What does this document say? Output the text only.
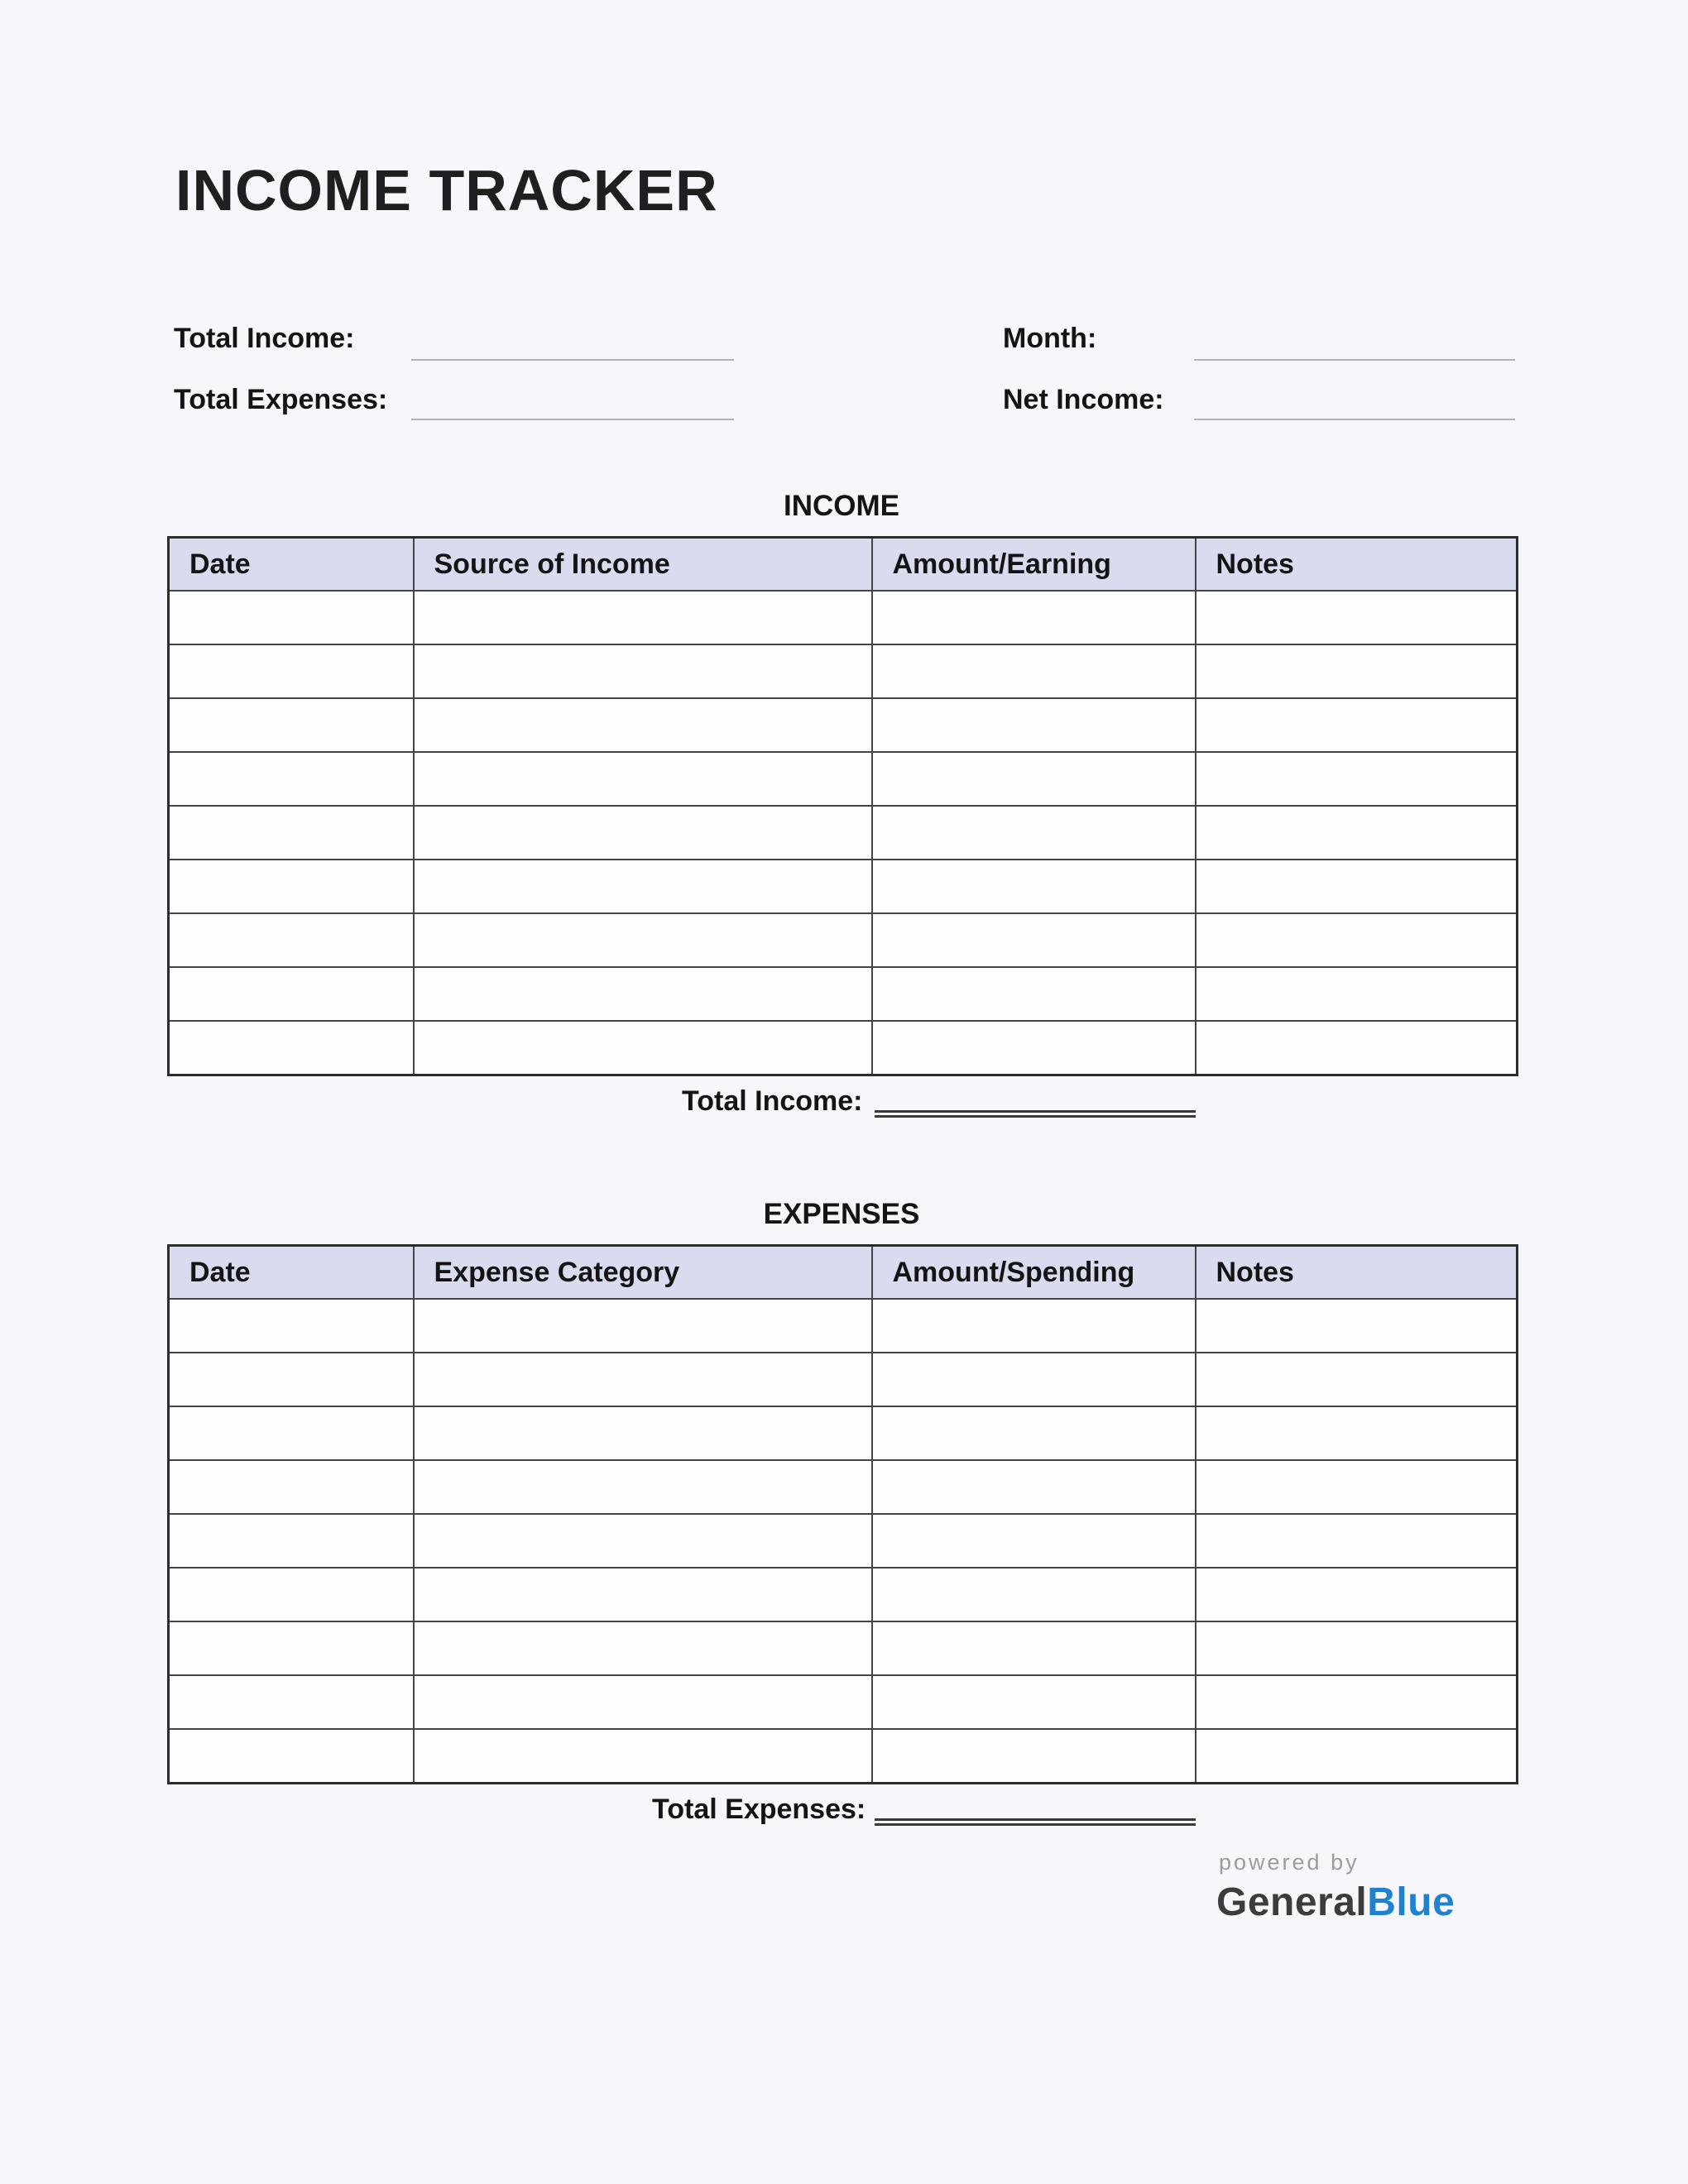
INCOME TRACKER
Total Income:	Month:
Total Expenses:	Net Income:
INCOME
Date	Source of Income	Amount/Earning	Notes

Total Income:
EXPENSES
Date	Expense Category	Amount/Spending	Notes

Total Expenses:
powered by
GeneralBlue
